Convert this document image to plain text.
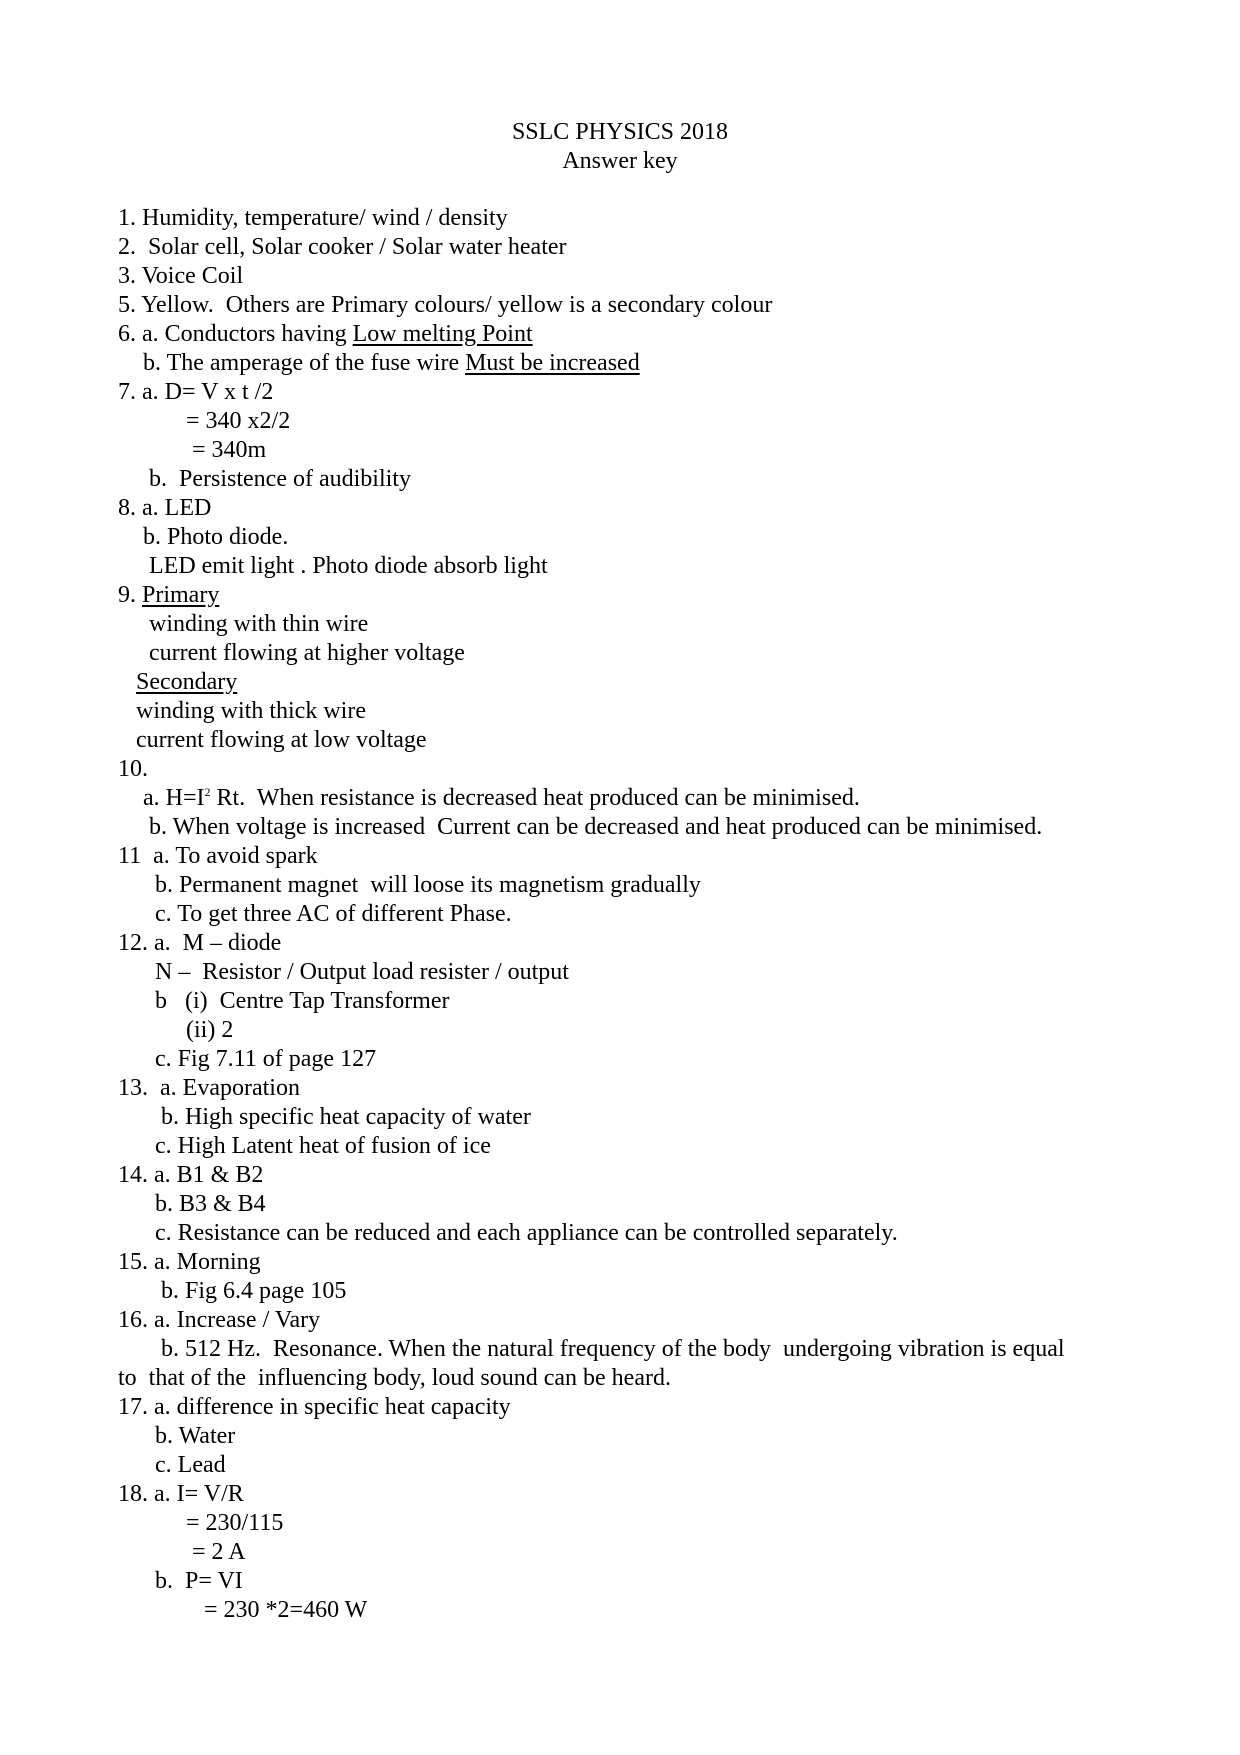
SSLC PHYSICS 2018
Answer key
1. Humidity, temperature/ wind / density
2.  Solar cell, Solar cooker / Solar water heater
3. Voice Coil
5. Yellow.  Others are Primary colours/ yellow is a secondary colour
6. a. Conductors having Low melting Point
b. The amperage of the fuse wire Must be increased
7. a. D= V x t /2
= 340 x2/2
= 340m
b.  Persistence of audibility
8. a. LED
b. Photo diode.
LED emit light . Photo diode absorb light
9. Primary
winding with thin wire
current flowing at higher voltage
Secondary
winding with thick wire
current flowing at low voltage
10.
a. $H=I^2$ Rt.  When resistance is decreased heat produced can be minimised.
b. When voltage is increased  Current can be decreased and heat produced can be minimised.
11  a. To avoid spark
b. Permanent magnet  will loose its magnetism gradually
c. To get three AC of different Phase.
12. a.  M – diode
N –  Resistor / Output load resister / output
b   (i)  Centre Tap Transformer
(ii) 2
c. Fig 7.11 of page 127
13.  a. Evaporation
b. High specific heat capacity of water
c. High Latent heat of fusion of ice
14. a. B1 & B2
b. B3 & B4
c. Resistance can be reduced and each appliance can be controlled separately.
15. a. Morning
b. Fig 6.4 page 105
16. a. Increase / Vary
b. 512 Hz.  Resonance. When the natural frequency of the body  undergoing vibration is equal
to  that of the  influencing body, loud sound can be heard.
17. a. difference in specific heat capacity
b. Water
c. Lead
18. a. I= V/R
= 230/115
= 2 A
b.  P= VI
= 230 *2=460 W
